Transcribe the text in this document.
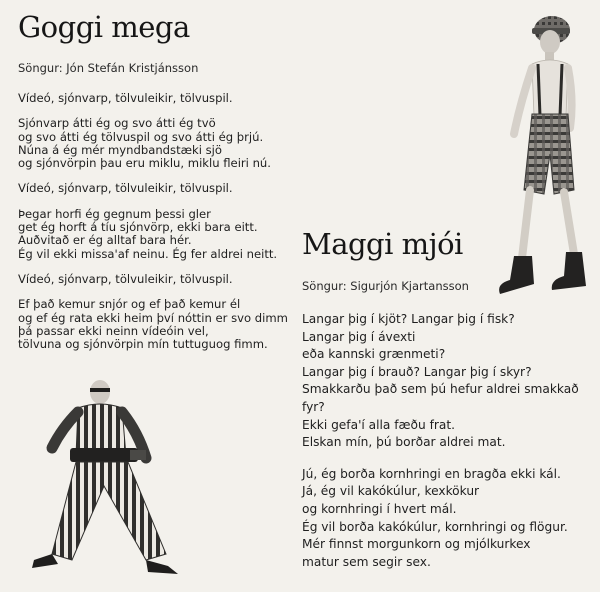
Goggi mega

Söngur: Jón Stefán Kristjánsson

Vídeó, sjónvarp, tölvuleikir, tölvuspil.
Sjónvarp átti ég og svo átti ég tvö
og svo átti ég tölvuspil og svo átti ég þrjú.
Núna á ég mér myndbandstæki sjö
og sjónvörpin þau eru miklu, miklu fleiri nú.
Vídeó, sjónvarp, tölvuleikir, tölvuspil.
Þegar horfi ég gegnum þessi gler
get ég horft á tíu sjónvörp, ekki bara eitt.
Auðvitað er ég alltaf bara hér.
Ég vil ekki missa'af neinu. Ég fer aldrei neitt.
Vídeó, sjónvarp, tölvuleikir, tölvuspil.
Ef það kemur snjór og ef það kemur él
og ef ég rata ekki heim því nóttin er svo dimm
þá passar ekki neinn vídeóin vel,
tölvuna og sjónvörpin mín tuttuguog fimm.
Maggi mjói

Söngur: Sigurjón Kjartansson

Langar þig í kjöt? Langar þig í fisk?
Langar þig í ávexti
eða kannski grænmeti?
Langar þig í brauð? Langar þig í skyr?
Smakkarðu það sem þú hefur aldrei smakkað
fyr?
Ekki gefa'í alla fæðu frat.
Elskan mín, þú borðar aldrei mat.
Jú, ég borða kornhringi en bragða ekki kál.
Já, ég vil kakókúlur, kexkökur
og kornhringi í hvert mál.
Ég vil borða kakókúlur, kornhringi og flögur.
Mér finnst morgunkorn og mjólkurkex
matur sem segir sex.
